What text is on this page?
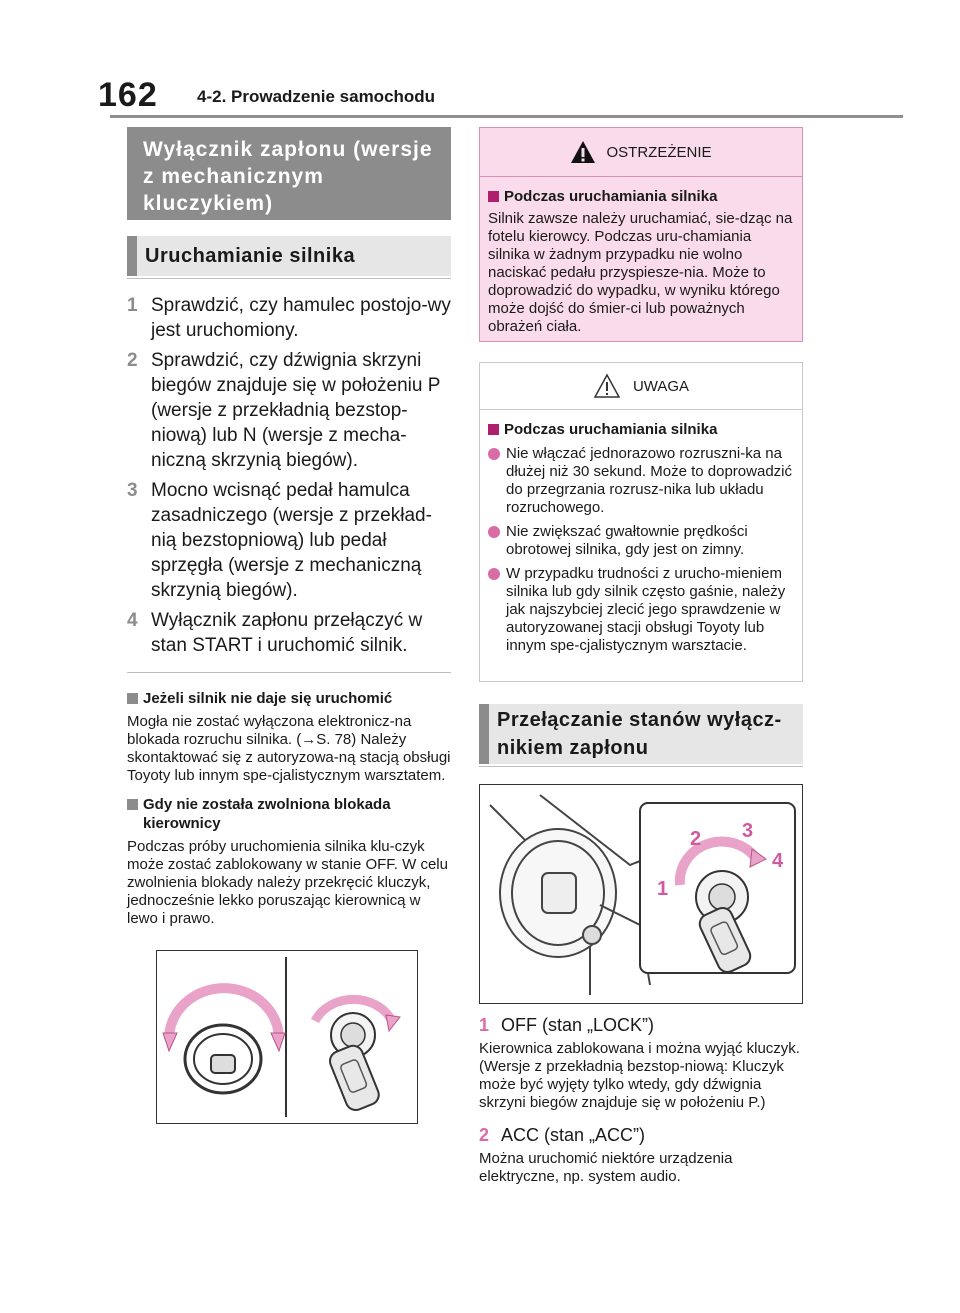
162 4-2. Prowadzenie samochodu
Wyłącznik zapłonu (wersje z mechanicznym kluczykiem)
Uruchamianie silnika
1 Sprawdzić, czy hamulec postojo-wy jest uruchomiony.
2 Sprawdzić, czy dźwignia skrzyni biegów znajduje się w położeniu P (wersje z przekładnią bezstop-niową) lub N (wersje z mecha-niczną skrzynią biegów).
3 Mocno wcisnąć pedał hamulca zasadniczego (wersje z przekład-nią bezstopniową) lub pedał sprzęgła (wersje z mechaniczną skrzynią biegów).
4 Wyłącznik zapłonu przełączyć w stan START i uruchomić silnik.
Jeżeli silnik nie daje się uruchomić
Mogła nie zostać wyłączona elektronicz-na blokada rozruchu silnika. (→S. 78) Należy skontaktować się z autoryzowa-ną stacją obsługi Toyoty lub innym spe-cjalistycznym warsztatem.
Gdy nie została zwolniona blokada kierownicy
Podczas próby uruchomienia silnika klu-czyk może zostać zablokowany w stanie OFF. W celu zwolnienia blokady należy przekręcić kluczyk, jednocześnie lekko poruszając kierownicą w lewo i prawo.
OSTRZEŻENIE
Podczas uruchamiania silnika
Silnik zawsze należy uruchamiać, sie-dząc na fotelu kierowcy. Podczas uru-chamiania silnika w żadnym przypadku nie wolno naciskać pedału przyspiesze-nia. Może to doprowadzić do wypadku, w wyniku którego może dojść do śmier-ci lub poważnych obrażeń ciała.
UWAGA
Podczas uruchamiania silnika
Nie włączać jednorazowo rozruszni-ka na dłużej niż 30 sekund. Może to doprowadzić do przegrzania rozrusz-nika lub układu rozruchowego.
Nie zwiększać gwałtownie prędkości obrotowej silnika, gdy jest on zimny.
W przypadku trudności z urucho-mieniem silnika lub gdy silnik często gaśnie, należy jak najszybciej zlecić jego sprawdzenie w autoryzowanej stacji obsługi Toyoty lub innym spe-cjalistycznym warsztacie.
Przełączanie stanów wyłącz-nikiem zapłonu
1
2 3
4
1 OFF (stan „LOCK”)
Kierownica zablokowana i można wyjąć kluczyk. (Wersje z przekładnią bezstop-niową: Kluczyk może być wyjęty tylko wtedy, gdy dźwignia skrzyni biegów znajduje się w położeniu P.)
2 ACC (stan „ACC”)
Można uruchomić niektóre urządzenia elektryczne, np. system audio.
